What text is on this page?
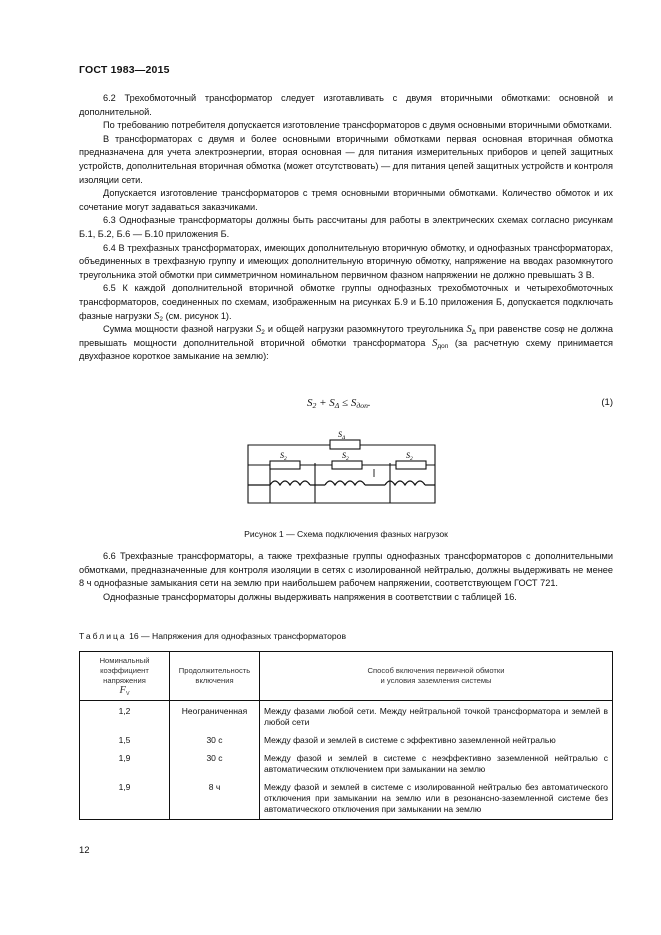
ГОСТ 1983—2015

6.2 Трехобмоточный трансформатор следует изготавливать с двумя вторичными обмотками: основной и дополнительной.

По требованию потребителя допускается изготовление трансформаторов с двумя основными вторичными обмотками.

В трансформаторах с двумя и более основными вторичными обмотками первая основная вторичная обмотка предназначена для учета электроэнергии, вторая основная — для питания измерительных приборов и цепей защитных устройств, дополнительная вторичная обмотка (может отсутствовать) — для питания цепей защитных устройств и контроля изоляции сети.

Допускается изготовление трансформаторов с тремя основными вторичными обмотками. Количество обмоток и их сочетание могут задаваться заказчиками.

6.3 Однофазные трансформаторы должны быть рассчитаны для работы в электрических схемах согласно рисункам Б.1, Б.2, Б.6 — Б.10 приложения Б.

6.4 В трехфазных трансформаторах, имеющих дополнительную вторичную обмотку, и однофазных трансформаторах, объединенных в трехфазную группу и имеющих дополнительную вторичную обмотку, напряжение на вводах разомкнутого треугольника этой обмотки при симметричном номинальном первичном фазном напряжении не должно превышать 3 В.

6.5 К каждой дополнительной вторичной обмотке группы однофазных трехобмоточных и четырехобмоточных трансформаторов, соединенных по схемам, изображенным на рисунках Б.9 и Б.10 приложения Б, допускается подключать фазные нагрузки $S_2$ (см. рисунок 1).

Сумма мощности фазной нагрузки $S_2$ и общей нагрузки разомкнутого треугольника $S_\Delta$ при равенстве cosφ не должна превышать мощности дополнительной вторичной обмотки трансформатора $S_{доп}$ (за расчетную схему принимается двухфазное короткое замыкание на землю):

$S_2 + S_\Delta \le S_{доп}$.	(1)
$S_\Delta$
$S_2$	$S_2$	$S_2$
Рисунок 1 — Схема подключения фазных нагрузок

6.6 Трехфазные трансформаторы, а также трехфазные группы однофазных трансформаторов с дополнительными обмотками, предназначенные для контроля изоляции в сетях с изолированной нейтралью, должны выдерживать не менее 8 ч однофазные замыкания сети на землю при наибольшем рабочем напряжении, соответствующем ГОСТ 721.

Однофазные трансформаторы должны выдерживать напряжения в соответствии с таблицей 16.

Таблица 16 — Напряжения для однофазных трансформаторов
Номинальный
коэффициент
напряжения
$F_V$	Продолжительность включения	Способ включения первичной обмотки
и условия заземления системы
1,2	Неограниченная	Между фазами любой сети. Между нейтральной точкой трансформатора и землей в любой сети
1,5	30 с	Между фазой и землей в системе с эффективно заземленной нейтралью
1,9	30 с	Между фазой и землей в системе с неэффективно заземленной нейтралью с автоматическим отключением при замыкании на землю
1,9	8 ч	Между фазой и землей в системе с изолированной нейтралью без автоматического отключения при замыкании на землю или в резонансно-заземленной системе без автоматического отключения при замыкании на землю
12
